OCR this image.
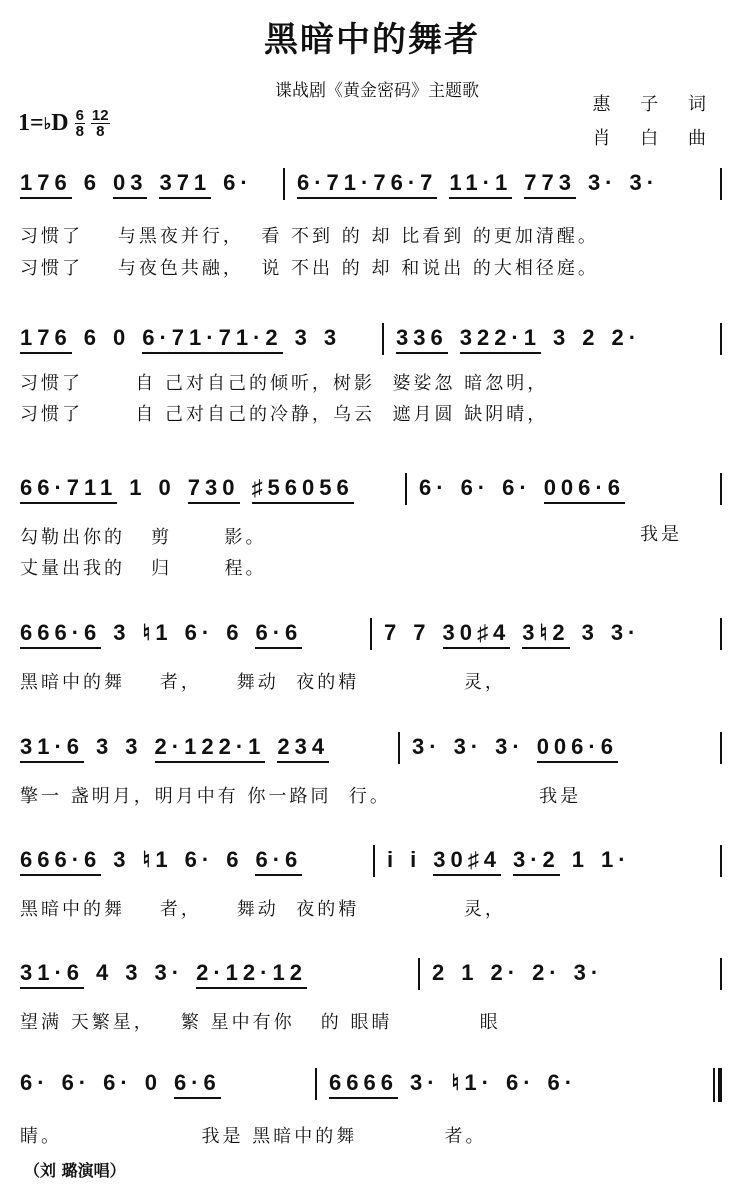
黑暗中的舞者
谍战剧《黄金密码》主题歌
惠 子 词
肖 白 曲
1= ♭ D $\frac{6}{8} \frac{12}{8}$
176 6 03 371 6· 6·71·76·7 11·1 773 3· 3·
习惯了    与黑夜并行，  看 不到 的 却 比看到 的更加清醒。
习惯了    与夜色共融，  说 不出 的 却 和说出 的大相径庭。
176 6 0 6·71·71·2 3 3 336 322·1 3 2 2·
习惯了      自 己对自己的倾听，树影  婆娑忽 暗忽明，
习惯了      自 己对自己的冷静，乌云  遮月圆 缺阴晴，
66·711 1 0 730 ♯56056	6· 6· 6· 006·6
勾勒出你的   剪      影。
丈量出我的   归      程。
我是
666·6 3 ♮1 6· 6 6·6	7 7 30♯4 3♮2 3 3·
黑暗中的舞    者，    舞动  夜的精            灵，
31·6 3 3 2·122·1 234	3· 3· 3· 006·6
擎一 盏明月，明月中有 你一路同  行。                 我是
666·6 3 ♮1 6· 6 6·6	i i 30♯4 3·2 1 1·
黑暗中的舞    者，    舞动  夜的精            灵，
31·6 4 3 3· 2·12·12	2 1 2· 2· 3·
望满 天繁星，   繁 星中有你   的 眼睛          眼
6· 6· 6· 0 6·6	6666 3· ♮1· 6· 6·
睛。                我是 黑暗中的舞          者。
（刘 璐演唱）
